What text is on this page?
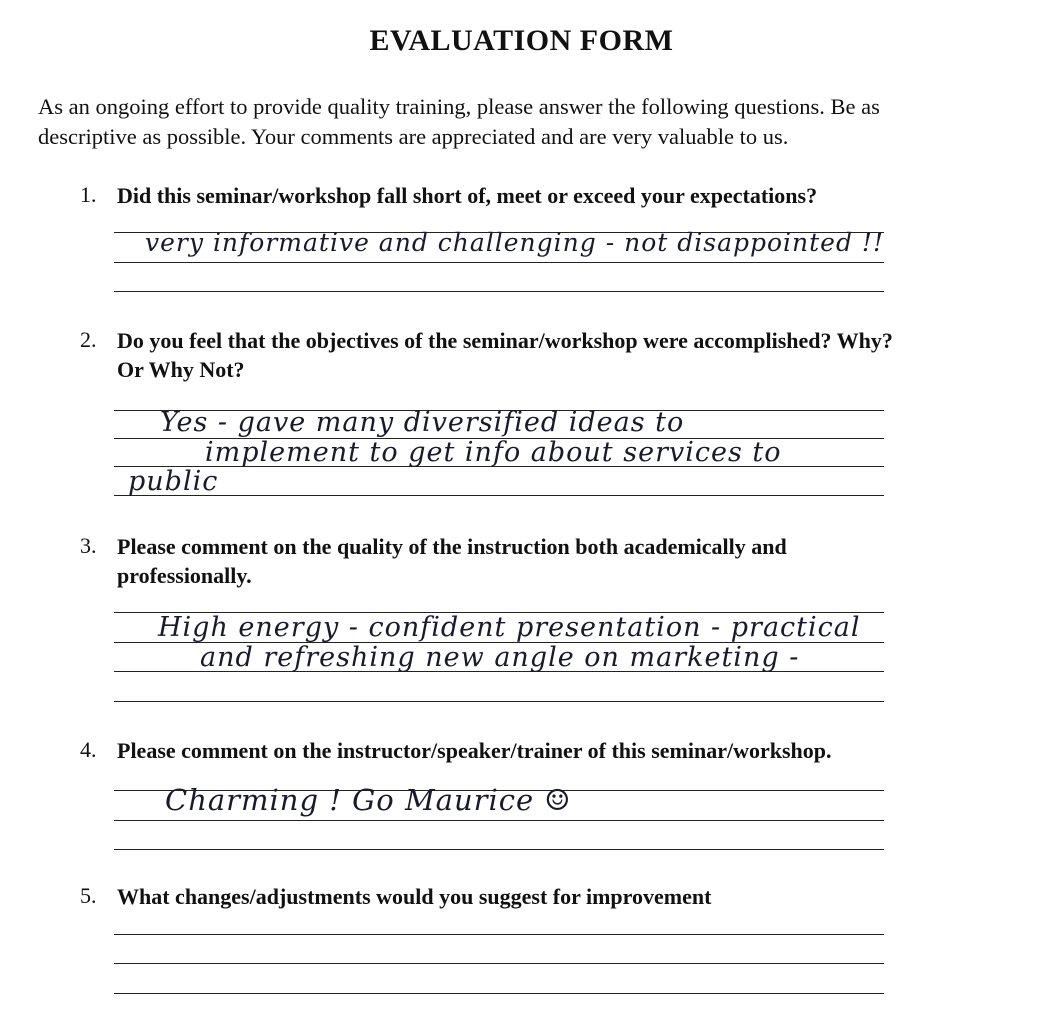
EVALUATION FORM
As an ongoing effort to provide quality training, please answer the following questions. Be as
descriptive as possible. Your comments are appreciated and are very valuable to us.
1. Did this seminar/workshop fall short of, meet or exceed your expectations?
very informative and challenging - not disappointed !!
2. Do you feel that the objectives of the seminar/workshop were accomplished? Why?
Or Why Not?
Yes - gave many diversified ideas to
implement to get info about services to
public
3. Please comment on the quality of the instruction both academically and
professionally.
High energy - confident presentation - practical
and refreshing new angle on marketing -
4. Please comment on the instructor/speaker/trainer of this seminar/workshop.
Charming ! Go Maurice ☺
5. What changes/adjustments would you suggest for improvement
